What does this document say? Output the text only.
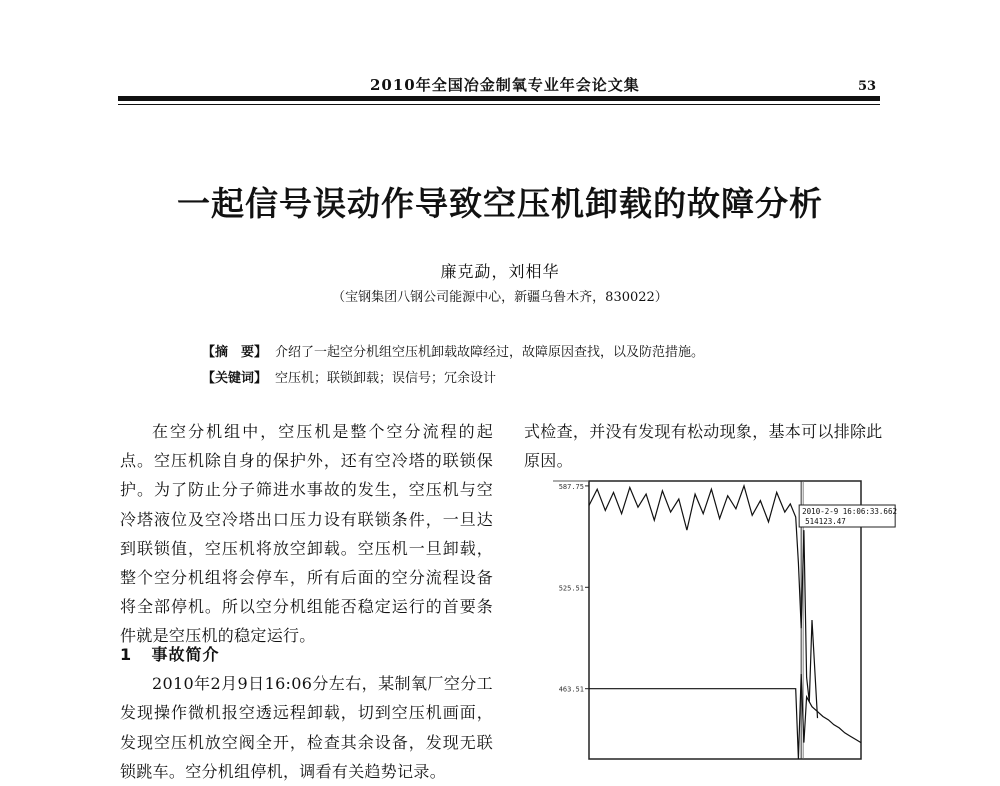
2010年全国冶金制氧专业年会论文集	53
一起信号误动作导致空压机卸载的故障分析
廉克勐，刘相华
（宝钢集团八钢公司能源中心，新疆乌鲁木齐，830022）
【摘　要】 介绍了一起空分机组空压机卸载故障经过，故障原因查找，以及防范措施。
【关键词】 空压机；联锁卸载；误信号；冗余设计

在空分机组中，空压机是整个空分流程的起点。空压机除自身的保护外，还有空冷塔的联锁保护。为了防止分子筛进水事故的发生，空压机与空冷塔液位及空冷塔出口压力设有联锁条件，一旦达到联锁值，空压机将放空卸载。空压机一旦卸载，整个空分机组将会停车，所有后面的空分流程设备将全部停机。所以空分机组能否稳定运行的首要条件就是空压机的稳定运行。

1 事故简介

2010年2月9日16:06分左右，某制氧厂空分工发现操作微机报空透远程卸载，切到空压机画面，发现空压机放空阀全开，检查其余设备，发现无联锁跳车。空分机组停机，调看有关趋势记录。

式检查，并没有发现有松动现象，基本可以排除此原因。

587.75
525.51
463.51
2010-2-9 16:06:33.662
514123.47
